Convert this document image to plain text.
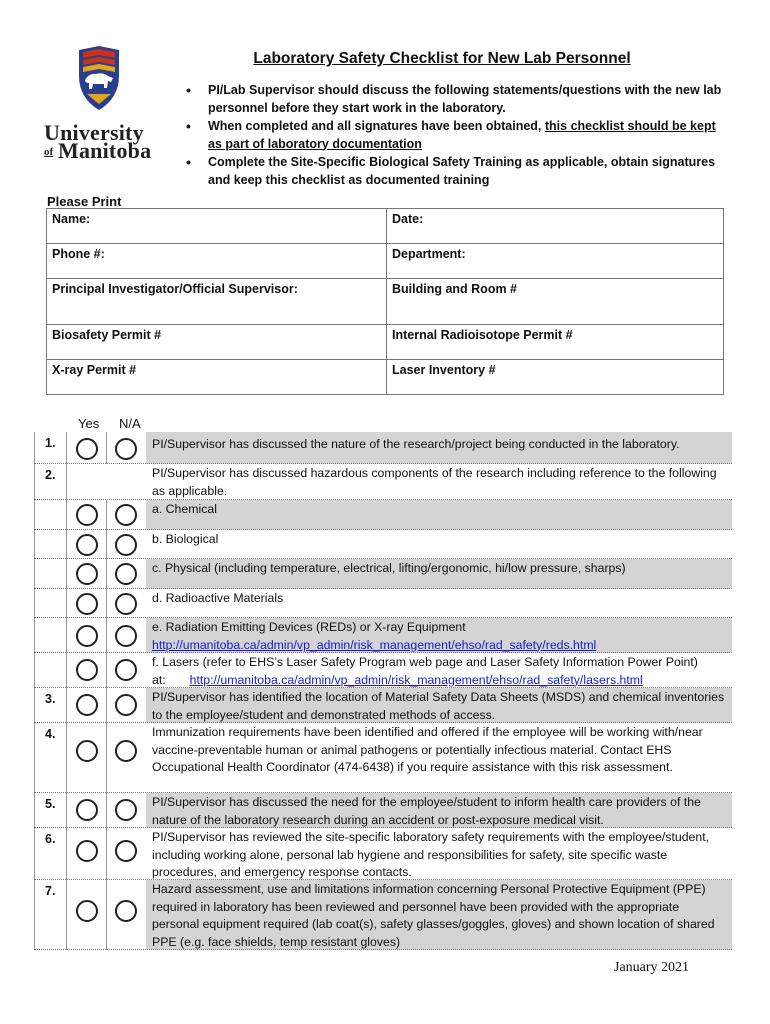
University
of Manitoba
Laboratory Safety Checklist for New Lab Personnel
• PI/Lab Supervisor should discuss the following statements/questions with the new lab personnel before they start work in the laboratory.
• When completed and all signatures have been obtained, this checklist should be kept as part of laboratory documentation
• Complete the Site-Specific Biological Safety Training as applicable, obtain signatures and keep this checklist as documented training
Please Print
Name:	Date:
Phone #:	Department:
Principal Investigator/Official Supervisor:	Building and Room #
Biosafety Permit #	Internal Radioisotope Permit #
X-ray Permit #	Laser Inventory #
Yes N/A
1.	PI/Supervisor has discussed the nature of the research/project being conducted in the laboratory.
2.	PI/Supervisor has discussed hazardous components of the research including reference to the following as applicable.
a. Chemical
b. Biological
c. Physical (including temperature, electrical, lifting/ergonomic, hi/low pressure, sharps)
d. Radioactive Materials
e. Radiation Emitting Devices (REDs) or X-ray Equipment
http://umanitoba.ca/admin/vp_admin/risk_management/ehso/rad_safety/reds.html
f. Lasers (refer to EHS’s Laser Safety Program web page and Laser Safety Information Power Point)
at: http://umanitoba.ca/admin/vp_admin/risk_management/ehso/rad_safety/lasers.html
3.	PI/Supervisor has identified the location of Material Safety Data Sheets (MSDS) and chemical inventories to the employee/student and demonstrated methods of access.
4.	Immunization requirements have been identified and offered if the employee will be working with/near vaccine-preventable human or animal pathogens or potentially infectious material. Contact EHS Occupational Health Coordinator (474-6438) if you require assistance with this risk assessment.
5.	PI/Supervisor has discussed the need for the employee/student to inform health care providers of the nature of the laboratory research during an accident or post-exposure medical visit.
6.	PI/Supervisor has reviewed the site-specific laboratory safety requirements with the employee/student, including working alone, personal lab hygiene and responsibilities for safety, site specific waste procedures, and emergency response contacts.
7.	Hazard assessment, use and limitations information concerning Personal Protective Equipment (PPE) required in laboratory has been reviewed and personnel have been provided with the appropriate personal equipment required (lab coat(s), safety glasses/goggles, gloves) and shown location of shared PPE (e.g. face shields, temp resistant gloves)
January 2021
